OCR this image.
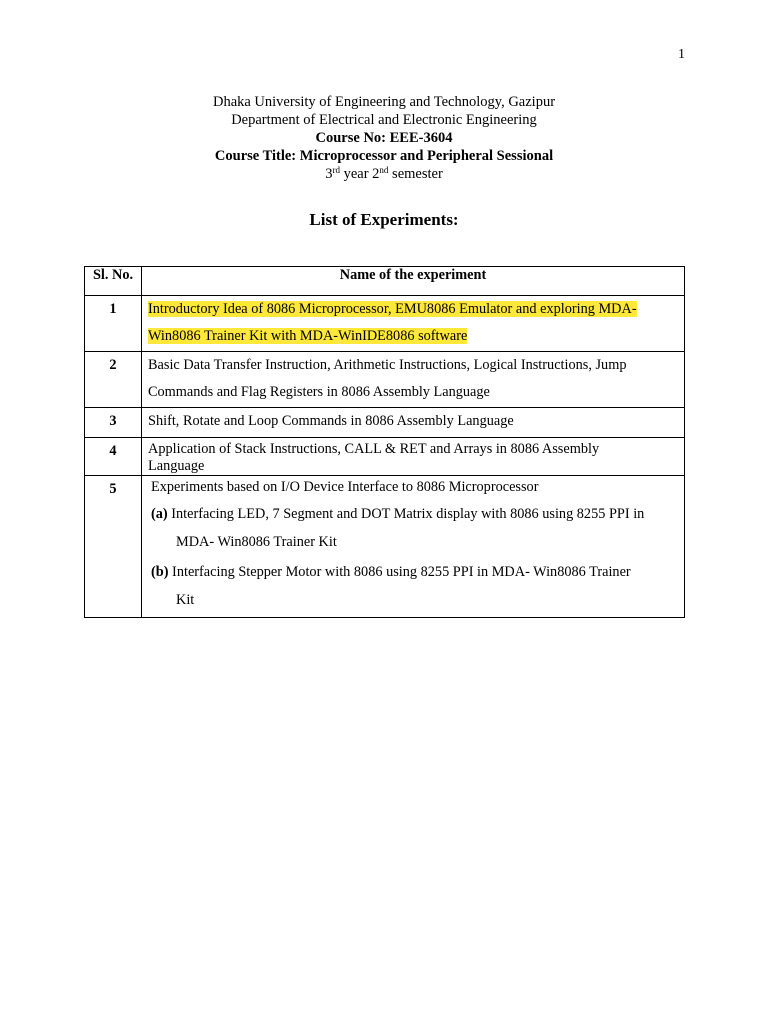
1
Dhaka University of Engineering and Technology, Gazipur
Department of Electrical and Electronic Engineering
Course No: EEE-3604
Course Title: Microprocessor and Peripheral Sessional
3rd year 2nd semester
List of Experiments:
Sl. No.	Name of the experiment
1	Introductory Idea of 8086 Microprocessor, EMU8086 Emulator and exploring MDA-
Win8086 Trainer Kit with MDA-WinIDE8086 software
2	Basic Data Transfer Instruction, Arithmetic Instructions, Logical Instructions, Jump
Commands and Flag Registers in 8086 Assembly Language
3	Shift, Rotate and Loop Commands in 8086 Assembly Language
4	Application of Stack Instructions, CALL & RET and Arrays in 8086 Assembly
Language
5	Experiments based on I/O Device Interface to 8086 Microprocessor
(a) Interfacing LED, 7 Segment and DOT Matrix display with 8086 using 8255 PPI in
MDA- Win8086 Trainer Kit
(b) Interfacing Stepper Motor with 8086 using 8255 PPI in MDA- Win8086 Trainer
Kit
